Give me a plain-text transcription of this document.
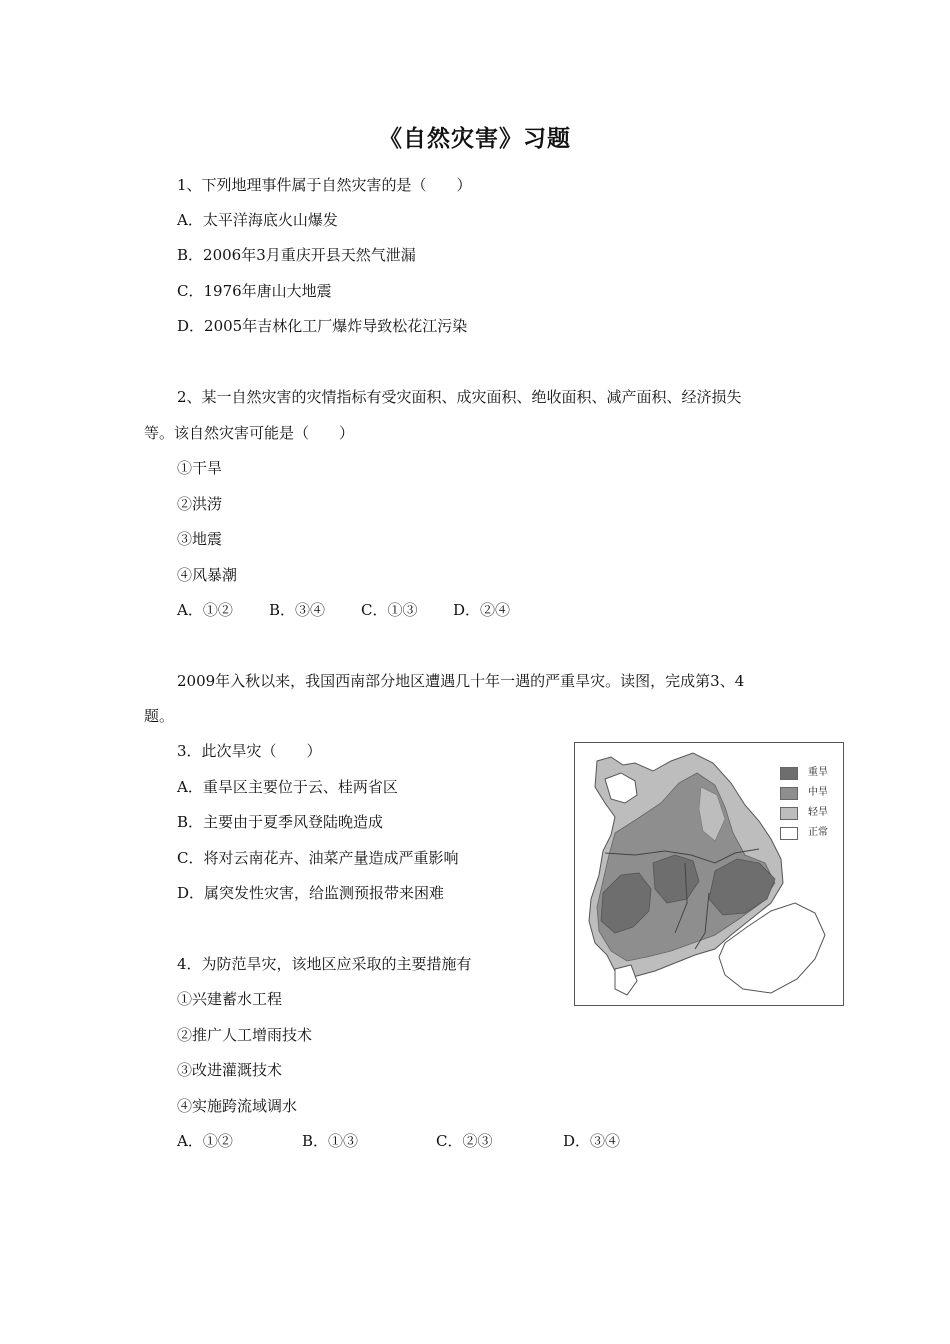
《自然灾害》习题
1、下列地理事件属于自然灾害的是（　　）
A．太平洋海底火山爆发
B．2006年3月重庆开县天然气泄漏
C．1976年唐山大地震
D．2005年吉林化工厂爆炸导致松花江污染
2、某一自然灾害的灾情指标有受灾面积、成灾面积、绝收面积、减产面积、经济损失
等。该自然灾害可能是（　　）
①干旱
②洪涝
③地震
④风暴潮
A．①② B．③④ C．①③ D．②④
2009年入秋以来，我国西南部分地区遭遇几十年一遇的严重旱灾。读图，完成第3、4
题。
3．此次旱灾（　　）
A．重旱区主要位于云、桂两省区
B．主要由于夏季风登陆晚造成
C．将对云南花卉、油菜产量造成严重影响
D．属突发性灾害，给监测预报带来困难
4．为防范旱灾，该地区应采取的主要措施有
①兴建蓄水工程
②推广人工增雨技术
③改进灌溉技术
④实施跨流域调水
A．①②	B．①③	C．②③	D．③④
重旱
中旱
轻旱
正常
